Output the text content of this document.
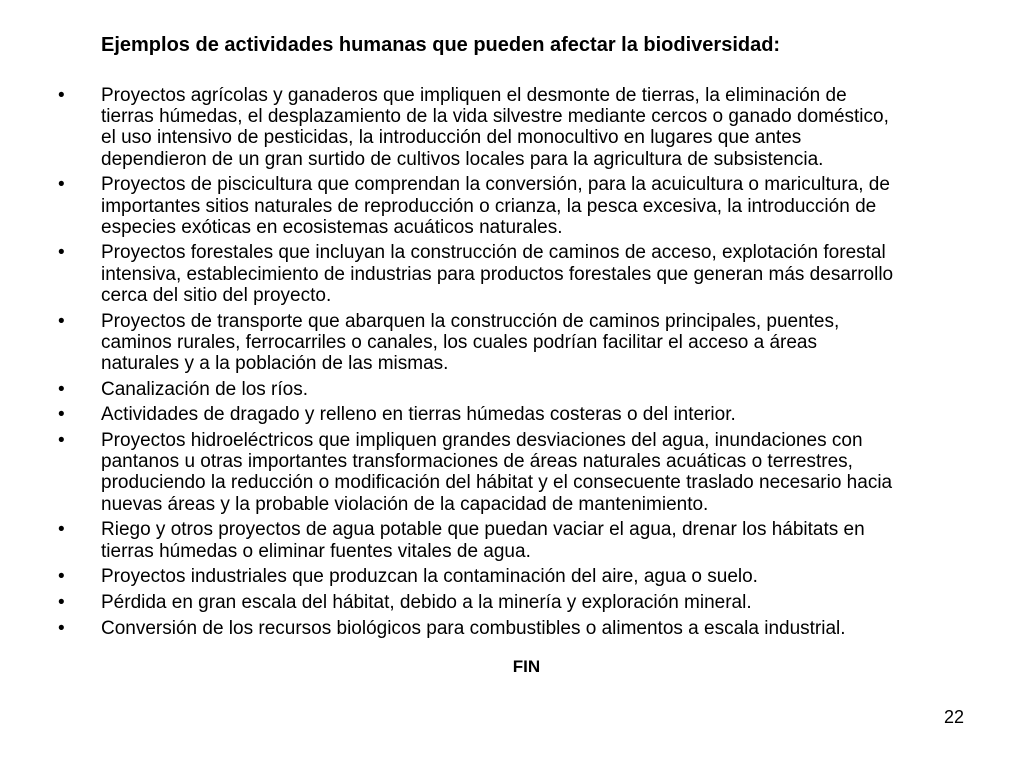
Ejemplos de actividades humanas que pueden afectar la biodiversidad:
•	Proyectos agrícolas y ganaderos que impliquen el desmonte de tierras, la eliminación de
tierras húmedas, el desplazamiento de la vida silvestre mediante cercos o ganado doméstico,
el uso intensivo de pesticidas, la introducción del monocultivo en lugares que antes
dependieron de un gran surtido de cultivos locales para la agricultura de subsistencia.
•	Proyectos de piscicultura que comprendan la conversión, para la acuicultura o maricultura, de
importantes sitios naturales de reproducción o crianza, la pesca excesiva, la introducción de
especies exóticas en ecosistemas acuáticos naturales.
•	Proyectos forestales que incluyan la construcción de caminos de acceso, explotación forestal
intensiva, establecimiento de industrias para productos forestales que generan más desarrollo
cerca del sitio del proyecto.
•	Proyectos de transporte que abarquen la construcción de caminos principales, puentes,
caminos rurales, ferrocarriles o canales, los cuales podrían facilitar el acceso a áreas
naturales y a la población de las mismas.
•	Canalización de los ríos.
•	Actividades de dragado y relleno en tierras húmedas costeras o del interior.
•	Proyectos hidroeléctricos que impliquen grandes desviaciones del agua, inundaciones con
pantanos u otras importantes transformaciones de áreas naturales acuáticas o terrestres,
produciendo la reducción o modificación del hábitat y el consecuente traslado necesario hacia
nuevas áreas y la probable violación de la capacidad de mantenimiento.
•	Riego y otros proyectos de agua potable que puedan vaciar el agua, drenar los hábitats en
tierras húmedas o eliminar fuentes vitales de agua.
•	Proyectos industriales que produzcan la contaminación del aire, agua o suelo.
•	Pérdida en gran escala del hábitat, debido a la minería y exploración mineral.
•	Conversión de los recursos biológicos para combustibles o alimentos a escala industrial.
FIN
22
